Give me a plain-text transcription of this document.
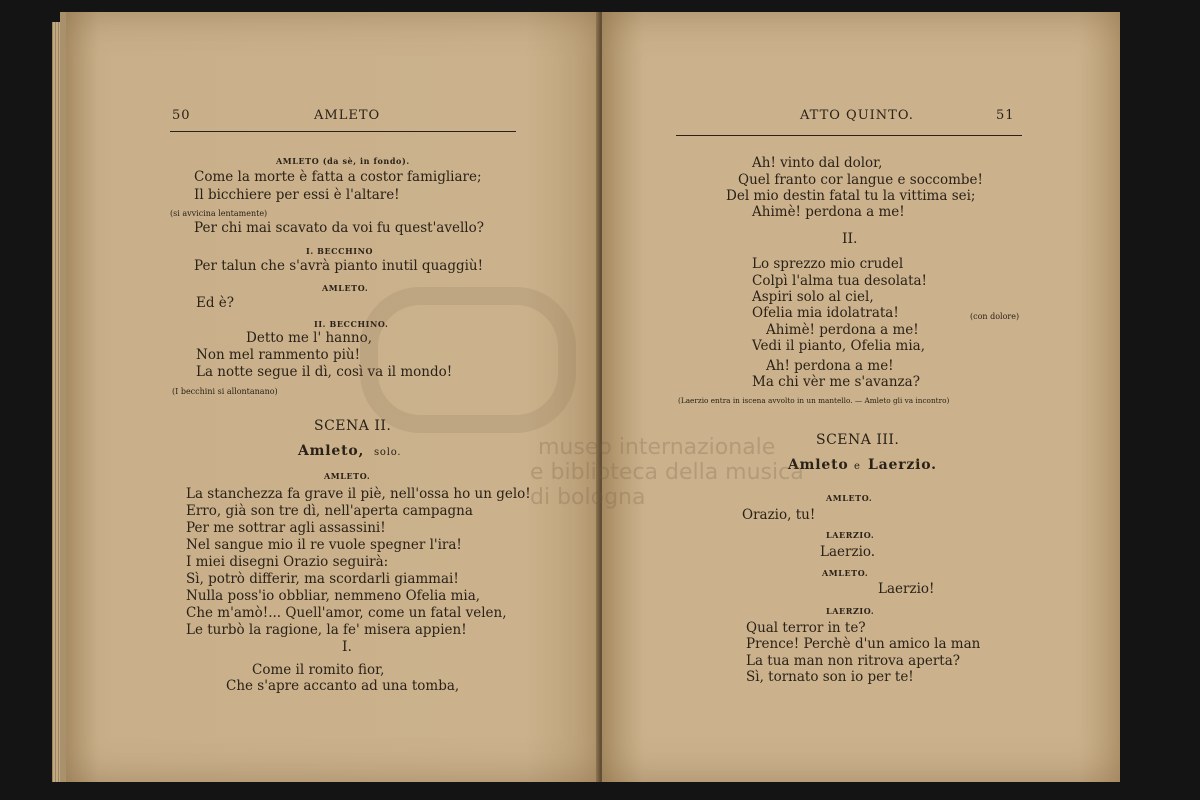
50	AMLETO
AMLETO (da sè, in fondo).
Come la morte è fatta a costor famigliare;
Il bicchiere per essi è l'altare!
(si avvicina lentamente)
Per chi mai scavato da voi fu quest'avello?
I. BECCHINO
Per talun che s'avrà pianto inutil quaggiù!
AMLETO.
Ed è?
II. BECCHINO.
Detto me l' hanno,
Non mel rammento più!
La notte segue il dì, così va il mondo!
(I becchini si allontanano)
SCENA II.
Amleto, solo.
AMLETO.
La stanchezza fa grave il piè, nell'ossa ho un gelo!
Erro, già son tre dì, nell'aperta campagna
Per me sottrar agli assassini!
Nel sangue mio il re vuole spegner l'ira!
I miei disegni Orazio seguirà:
Sì, potrò differir, ma scordarli giammai!
Nulla poss'io obbliar, nemmeno Ofelia mia,
Che m'amò!... Quell'amor, come un fatal velen,
Le turbò la ragione, la fe' misera appien!
I.
Come il romito fior,
Che s'apre accanto ad una tomba,
ATTO QUINTO.	51
Ah! vinto dal dolor,
Quel franto cor langue e soccombe!
Del mio destin fatal tu la vittima sei;
Ahimè! perdona a me!
II.
Lo sprezzo mio crudel
Colpì l'alma tua desolata!
Aspiri solo al ciel,
Ofelia mia idolatrata!	(con dolore)
Ahimè! perdona a me!
Vedi il pianto, Ofelia mia,
Ah! perdona a me!
Ma chi vèr me s'avanza?
(Laerzio entra in iscena avvolto in un mantello. — Amleto gli va incontro)
SCENA III.
Amleto e Laerzio.
AMLETO.
Orazio, tu!
LAERZIO.
Laerzio.
AMLETO.
Laerzio!
LAERZIO.
Qual terror in te?
Prence! Perchè d'un amico la man
La tua man non ritrova aperta?
Sì, tornato son io per te!
museo internazionale
e biblioteca della musica
di bologna
